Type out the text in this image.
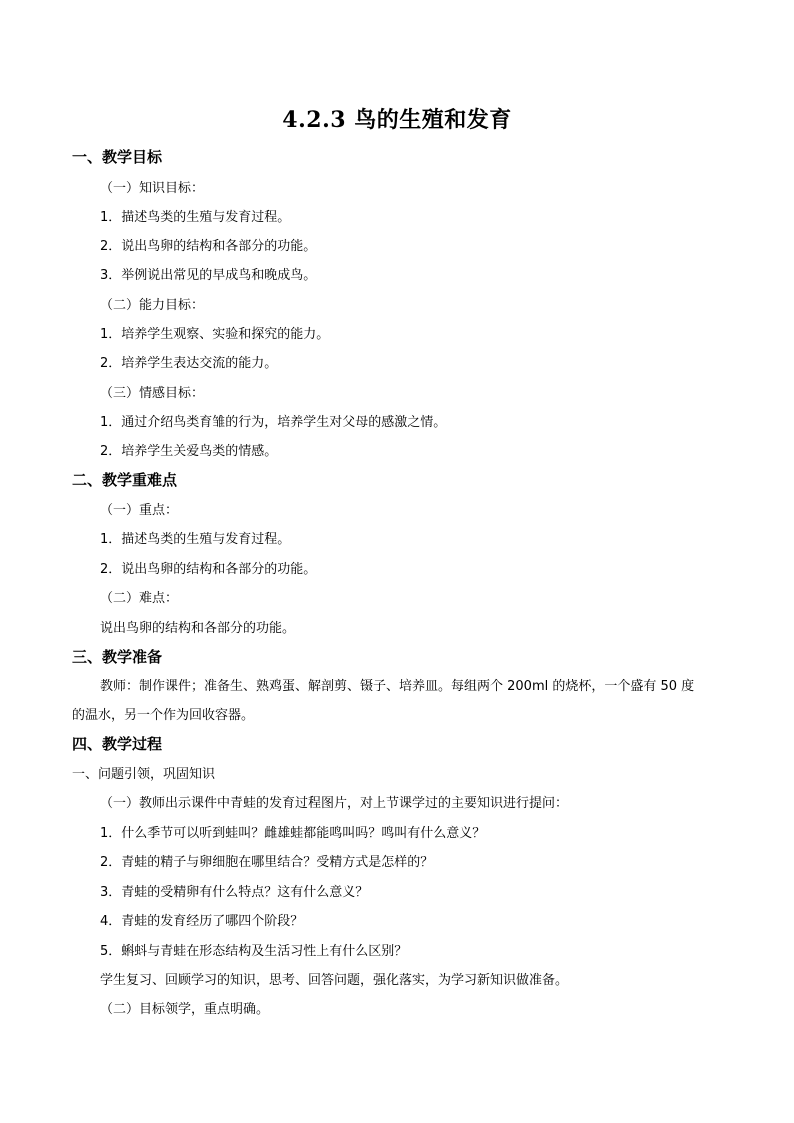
4.2.3 鸟的生殖和发育
一、教学目标
（一）知识目标：
1．描述鸟类的生殖与发育过程。
2．说出鸟卵的结构和各部分的功能。
3．举例说出常见的早成鸟和晚成鸟。
（二）能力目标：
1．培养学生观察、实验和探究的能力。
2．培养学生表达交流的能力。
（三）情感目标：
1．通过介绍鸟类育雏的行为，培养学生对父母的感激之情。
2．培养学生关爱鸟类的情感。
二、教学重难点
（一）重点：
1．描述鸟类的生殖与发育过程。
2．说出鸟卵的结构和各部分的功能。
（二）难点：
说出鸟卵的结构和各部分的功能。
三、教学准备
教师：制作课件；准备生、熟鸡蛋、解剖剪、镊子、培养皿。每组两个 200ml 的烧杯，一个盛有 50 度
的温水，另一个作为回收容器。
四、教学过程
一、问题引领，巩固知识
（一）教师出示课件中青蛙的发育过程图片，对上节课学过的主要知识进行提问：
1．什么季节可以听到蛙叫？雌雄蛙都能鸣叫吗？鸣叫有什么意义？
2．青蛙的精子与卵细胞在哪里结合？受精方式是怎样的？
3．青蛙的受精卵有什么特点？这有什么意义？
4．青蛙的发育经历了哪四个阶段？
5．蝌蚪与青蛙在形态结构及生活习性上有什么区别？
学生复习、回顾学习的知识，思考、回答问题，强化落实，为学习新知识做准备。
（二）目标领学，重点明确。
